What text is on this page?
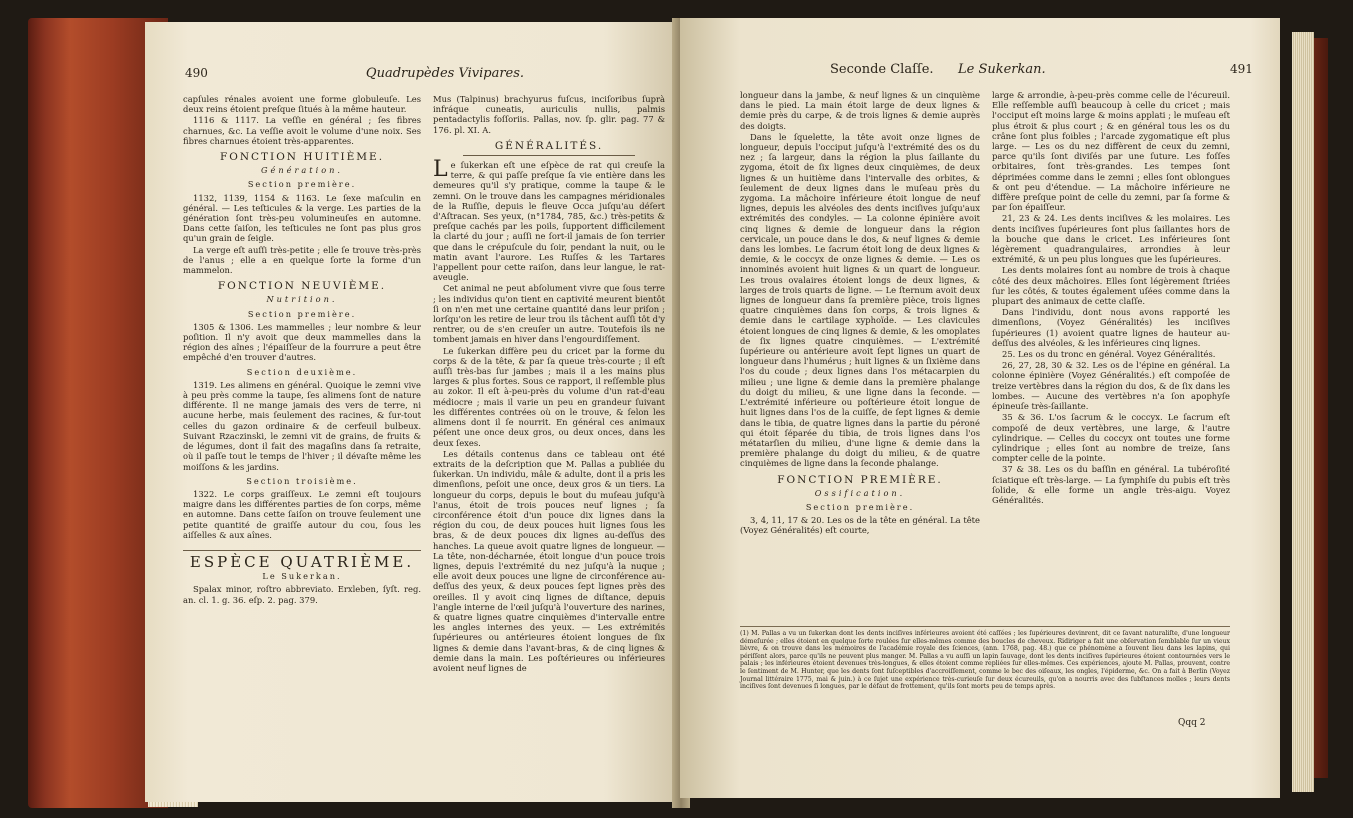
490	Quadrupèdes Vivipares.

capſules rénales avoient une forme globuleuſe. Les deux reins étoient preſque ſitués à la même hauteur.

1116 & 1117. La veſſie en général ; ſes fibres charnues, &c. La veſſie avoit le volume d'une noix. Ses fibres charnues étoient très-apparentes.

FONCTION HUITIÈME.
Génération.
Section première.

1132, 1139, 1154 & 1163. Le ſexe maſculin en général. — Les teſticules & la verge. Les parties de la génération ſont très-peu volumineuſes en automne. Dans cette ſaiſon, les teſticules ne ſont pas plus gros qu'un grain de ſeigle.

La verge eſt auſſi très-petite ; elle ſe trouve très-près de l'anus ; elle a en quelque ſorte la forme d'un mammelon.

FONCTION NEUVIÈME.
Nutrition.
Section première.

1305 & 1306. Les mammelles ; leur nombre & leur poſition. Il n'y avoit que deux mammelles dans la région des aînes ; l'épaiſſeur de la fourrure a peut être empêché d'en trouver d'autres.

Section deuxième.

1319. Les alimens en général. Quoique le zemni vive à peu près comme la taupe, ſes alimens ſont de nature différente. Il ne mange jamais des vers de terre, ni aucune herbe, mais ſeulement des racines, & ſur-tout celles du gazon ordinaire & de cerfeuil bulbeux. Suivant Rzaczinski, le zemni vit de grains, de fruits & de légumes, dont il fait des magaſins dans ſa retraite, où il paſſe tout le temps de l'hiver ; il dévaſte même les moiſſons & les jardins.

Section troisième.

1322. Le corps graiſſeux. Le zemni eſt toujours maigre dans les différentes parties de ſon corps, même en automne. Dans cette ſaiſon on trouve ſeulement une petite quantité de graiſſe autour du cou, ſous les aiſſelles & aux aînes.

ESPÈCE QUATRIÈME.
Le Sukerkan.

Spalax minor, roſtro abbreviato. Erxleben, ſyſt. reg. an. cl. 1. g. 36. eſp. 2. pag. 379.

Mus (Talpinus) brachyurus fuſcus, inciſoribus ſuprà infráque cuneatis, auriculis nullis, palmis pentadactylis foſſoriis. Pallas, nov. ſp. glir. pag. 77 & 176. pl. XI. A.

GÉNÉRALITÉS.

Le ſukerkan eſt une eſpèce de rat qui creuſe la terre, & qui paſſe preſque ſa vie entière dans les demeures qu'il s'y pratique, comme la taupe & le zemni. On le trouve dans les campagnes méridionales de la Ruſſie, depuis le fleuve Occa juſqu'au déſert d'Aſtracan. Ses yeux, (n°1784, 785, &c.) très-petits & preſque cachés par les poils, ſupportent difficilement la clarté du jour ; auſſi ne ſort-il jamais de ſon terrier que dans le crépuſcule du ſoir, pendant la nuit, ou le matin avant l'aurore. Les Ruſſes & les Tartares l'appellent pour cette raiſon, dans leur langue, le rat-aveugle.

Cet animal ne peut abſolument vivre que ſous terre ; les individus qu'on tient en captivité meurent bientôt ſi on n'en met une certaine quantité dans leur priſon ; lorſqu'on les retire de leur trou ils tâchent auſſi tôt d'y rentrer, ou de s'en creuſer un autre. Toutefois ils ne tombent jamais en hiver dans l'engourdiſſement.

Le ſukerkan diffère peu du cricet par la forme du corps & de la tête, & par ſa queue très-courte ; il eſt auſſi très-bas ſur jambes ; mais il a les mains plus larges & plus fortes. Sous ce rapport, il reſſemble plus au zokor. Il eſt à-peu-près du volume d'un rat-d'eau médiocre ; mais il varie un peu en grandeur ſuivant les différentes contrées où on le trouve, & ſelon les alimens dont il ſe nourrit. En général ces animaux péſent une once deux gros, ou deux onces, dans les deux ſexes.

Les détails contenus dans ce tableau ont été extraits de la deſcription que M. Pallas a publiée du ſukerkan. Un individu, mâle & adulte, dont il a pris les dimenſions, peſoit une once, deux gros & un tiers. La longueur du corps, depuis le bout du muſeau juſqu'à l'anus, étoit de trois pouces neuf lignes ; ſa circonférence étoit d'un pouce dix lignes dans la région du cou, de deux pouces huit lignes ſous les bras, & de deux pouces dix lignes au-deſſus des hanches. La queue avoit quatre lignes de longueur. — La tête, non-décharnée, étoit longue d'un pouce trois lignes, depuis l'extrémité du nez juſqu'à la nuque ; elle avoit deux pouces une ligne de circonférence au-deſſus des yeux, & deux pouces ſept lignes près des oreilles. Il y avoit cinq lignes de diſtance, depuis l'angle interne de l'œil juſqu'à l'ouverture des narines, & quatre lignes quatre cinquièmes d'intervalle entre les angles internes des yeux. — Les extrémités ſupérieures ou antérieures étoient longues de ſix lignes & demie dans l'avant-bras, & de cinq lignes & demie dans la main. Les poſtérieures ou inférieures avoient neuf lignes de

Seconde Claſſe. Le Sukerkan.	491

longueur dans la jambe, & neuf lignes & un cinquième dans le pied. La main étoit large de deux lignes & demie près du carpe, & de trois lignes & demie auprès des doigts.

Dans le ſquelette, la tête avoit onze lignes de longueur, depuis l'occiput juſqu'à l'extrémité des os du nez ; ſa largeur, dans la région la plus ſaillante du zygoma, étoit de ſix lignes deux cinquièmes, de deux lignes & un huitième dans l'intervalle des orbites, & ſeulement de deux lignes dans le muſeau près du zygoma. La mâchoire inférieure étoit longue de neuf lignes, depuis les alvéoles des dents inciſives juſqu'aux extrémités des condyles. — La colonne épinière avoit cinq lignes & demie de longueur dans la région cervicale, un pouce dans le dos, & neuf lignes & demie dans les lombes. Le ſacrum étoit long de deux lignes & demie, & le coccyx de onze lignes & demie. — Les os innominés avoient huit lignes & un quart de longueur. Les trous ovalaires étoient longs de deux lignes, & larges de trois quarts de ligne. — Le ſternum avoit deux lignes de longueur dans ſa première pièce, trois lignes quatre cinquièmes dans ſon corps, & trois lignes & demie dans le cartilage xyphoïde. — Les clavicules étoient longues de cinq lignes & demie, & les omoplates de ſix lignes quatre cinquièmes. — L'extrémité ſupérieure ou antérieure avoit ſept lignes un quart de longueur dans l'humérus ; huit lignes & un ſixième dans l'os du coude ; deux lignes dans l'os métacarpien du milieu ; une ligne & demie dans la première phalange du doigt du milieu, & une ligne dans la ſeconde. — L'extrémité inférieure ou poſtérieure étoit longue de huit lignes dans l'os de la cuiſſe, de ſept lignes & demie dans le tibia, de quatre lignes dans la partie du péroné qui étoit ſéparée du tibia, de trois lignes dans l'os métatarſien du milieu, d'une ligne & demie dans la première phalange du doigt du milieu, & de quatre cinquièmes de ligne dans la ſeconde phalange.

FONCTION PREMIÈRE.
Ossification.
Section première.

3, 4, 11, 17 & 20. Les os de la tête en général. La tête (Voyez Généralités) eſt courte,

large & arrondie, à-peu-près comme celle de l'écureuil. Elle reſſemble auſſi beaucoup à celle du cricet ; mais l'occiput eſt moins large & moins applati ; le muſeau eſt plus étroit & plus court ; & en général tous les os du crâne ſont plus foibles ; l'arcade zygomatique eſt plus large. — Les os du nez diffèrent de ceux du zemni, parce qu'ils ſont diviſés par une ſuture. Les foſſes orbitaires, ſont très-grandes. Les tempes ſont déprimées comme dans le zemni ; elles ſont oblongues & ont peu d'étendue. — La mâchoire inférieure ne diffère preſque point de celle du zemni, par ſa forme & par ſon épaiſſeur.

21, 23 & 24. Les dents inciſives & les molaires. Les dents inciſives ſupérieures ſont plus ſaillantes hors de la bouche que dans le cricet. Les inférieures ſont légèrement quadrangulaires, arrondies à leur extrémité, & un peu plus longues que les ſupérieures.

Les dents molaires ſont au nombre de trois à chaque côté des deux mâchoires. Elles ſont légèrement ſtriées ſur les côtés, & toutes également uſées comme dans la plupart des animaux de cette claſſe.

Dans l'individu, dont nous avons rapporté les dimenſions, (Voyez Généralités) les inciſives ſupérieures (1) avoient quatre lignes de hauteur au-deſſus des alvéoles, & les inférieures cinq lignes.

25. Les os du tronc en général. Voyez Généralités.

26, 27, 28, 30 & 32. Les os de l'épine en général. La colonne épinière (Voyez Généralités.) eſt compoſée de treize vertèbres dans la région du dos, & de ſix dans les lombes. — Aucune des vertèbres n'a ſon apophyſe épineuſe très-ſaillante.

35 & 36. L'os ſacrum & le coccyx. Le ſacrum eſt compoſé de deux vertèbres, une large, & l'autre cylindrique. — Celles du coccyx ont toutes une forme cylindrique ; elles ſont au nombre de treize, ſans compter celle de la pointe.

37 & 38. Les os du baſſin en général. La tubéroſité ſciatique eſt très-large. — La ſymphiſe du pubis eſt très ſolide, & elle forme un angle très-aigu. Voyez Généralités.

(1) M. Pallas a vu un ſukerkan dont les dents inciſives inférieures avoient été caſſées ; les ſupérieures devinrent, dit ce ſavant naturaliſte, d'une longueur démeſurée ; elles étoient en quelque ſorte roulées ſur elles-mêmes comme des boucles de cheveux. Ridiriger a fait une obſervation ſemblable ſur un vieux lièvre, & on trouve dans les mémoires de l'académie royale des ſciences, (ann. 1768, pag. 48.) que ce phénomène a ſouvent lieu dans les lapins, qui périſſent alors, parce qu'ils ne peuvent plus manger. M. Pallas a vu auſſi un lapin ſauvage, dont les dents inciſives ſupérieures étoient contournées vers le palais ; les inférieures étoient devenues très-longues, & elles étoient comme repliées ſur elles-mêmes. Ces expériences, ajoute M. Pallas, prouvent, contre le ſentiment de M. Hunter, que les dents ſont ſuſceptibles d'accroiſſement, comme le bec des oiſeaux, les ongles, l'épiderme, &c. On a fait à Berlin (Voyez Journal littéraire 1775, mai & juin.) à ce ſujet une expérience très-curieuſe ſur deux écureuils, qu'on a nourris avec des ſubſtances molles ; leurs dents inciſives ſont devenues ſi longues, par le défaut de frottement, qu'ils ſont morts peu de temps après.
Qqq 2
